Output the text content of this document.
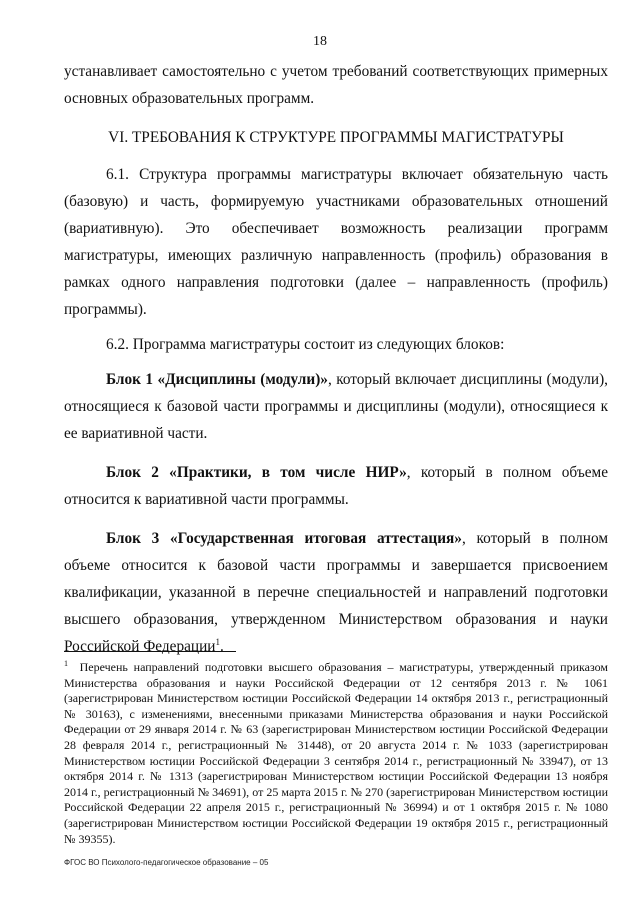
18

устанавливает самостоятельно с учетом требований соответствующих примерных основных образовательных программ.

VI. ТРЕБОВАНИЯ К СТРУКТУРЕ ПРОГРАММЫ МАГИСТРАТУРЫ

6.1. Структура программы магистратуры включает обязательную часть (базовую) и часть, формируемую участниками образовательных отношений (вариативную). Это обеспечивает возможность реализации программ магистратуры, имеющих различную направленность (профиль) образования в рамках одного направления подготовки (далее – направленность (профиль) программы).

6.2. Программа магистратуры состоит из следующих блоков:

Блок 1 «Дисциплины (модули)», который включает дисциплины (модули), относящиеся к базовой части программы и дисциплины (модули), относящиеся к ее вариативной части.

Блок 2 «Практики, в том числе НИР», который в полном объеме относится к вариативной части программы.

Блок 3 «Государственная итоговая аттестация», который в полном объеме относится к базовой части программы и завершается присвоением квалификации, указанной в перечне специальностей и направлений подготовки высшего образования, утвержденном Министерством образования и науки Российской Федерации$^1$.

$^1$ Перечень направлений подготовки высшего образования – магистратуры, утвержденный приказом Министерства образования и науки Российской Федерации от 12 сентября 2013 г. № 1061 (зарегистрирован Министерством юстиции Российской Федерации 14 октября 2013 г., регистрационный № 30163), с изменениями, внесенными приказами Министерства образования и науки Российской Федерации от 29 января 2014 г. № 63 (зарегистрирован Министерством юстиции Российской Федерации 28 февраля 2014 г., регистрационный № 31448), от 20 августа 2014 г. № 1033 (зарегистрирован Министерством юстиции Российской Федерации 3 сентября 2014 г., регистрационный № 33947), от 13 октября 2014 г. № 1313 (зарегистрирован Министерством юстиции Российской Федерации 13 ноября 2014 г., регистрационный № 34691), от 25 марта 2015 г. № 270 (зарегистрирован Министерством юстиции Российской Федерации 22 апреля 2015 г., регистрационный № 36994) и от 1 октября 2015 г. № 1080 (зарегистрирован Министерством юстиции Российской Федерации 19 октября 2015 г., регистрационный № 39355).
ФГОС ВО Психолого-педагогическое образование – 05
